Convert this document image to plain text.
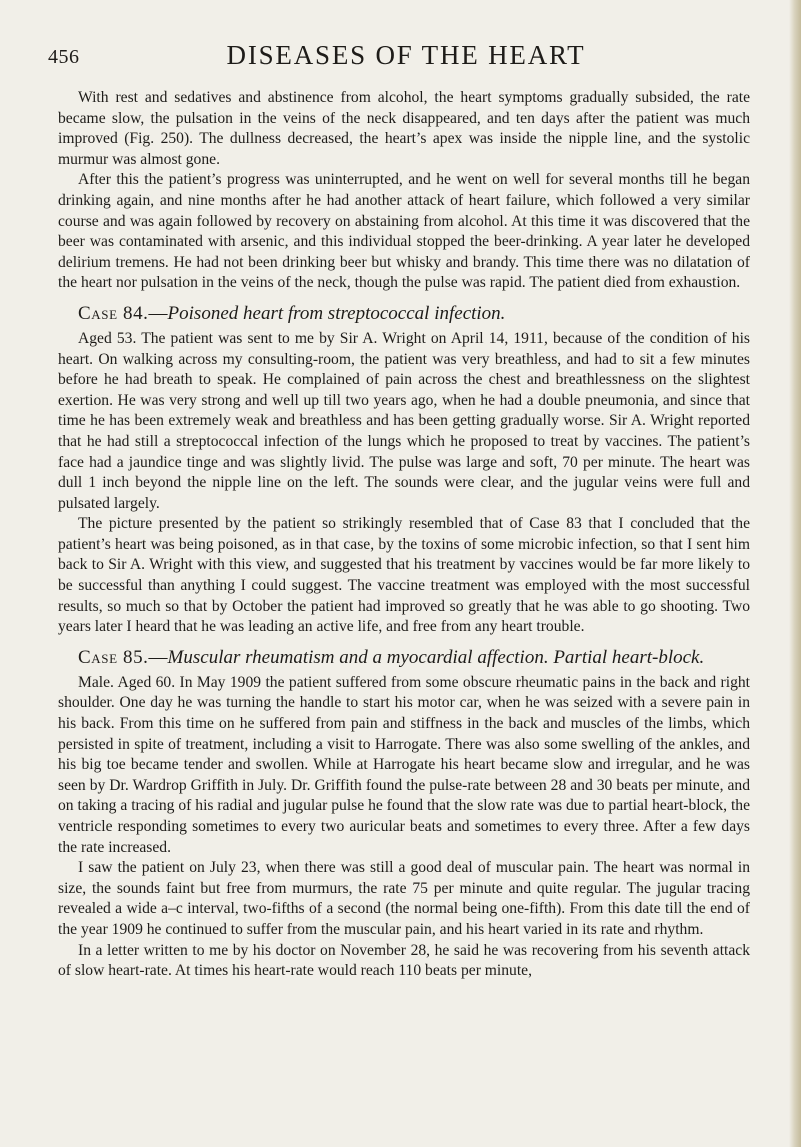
456	DISEASES OF THE HEART

With rest and sedatives and abstinence from alcohol, the heart symptoms gradually subsided, the rate became slow, the pulsation in the veins of the neck disappeared, and ten days after the patient was much improved (Fig. 250). The dullness decreased, the heart’s apex was inside the nipple line, and the systolic murmur was almost gone.

After this the patient’s progress was uninterrupted, and he went on well for several months till he began drinking again, and nine months after he had another attack of heart failure, which followed a very similar course and was again followed by recovery on abstaining from alcohol. At this time it was discovered that the beer was contaminated with arsenic, and this individual stopped the beer-drinking. A year later he developed delirium tremens. He had not been drinking beer but whisky and brandy. This time there was no dilatation of the heart nor pulsation in the veins of the neck, though the pulse was rapid. The patient died from exhaustion.

Case 84.—Poisoned heart from streptococcal infection.

Aged 53. The patient was sent to me by Sir A. Wright on April 14, 1911, because of the condition of his heart. On walking across my consulting-room, the patient was very breathless, and had to sit a few minutes before he had breath to speak. He complained of pain across the chest and breathlessness on the slightest exertion. He was very strong and well up till two years ago, when he had a double pneumonia, and since that time he has been extremely weak and breathless and has been getting gradually worse. Sir A. Wright reported that he had still a streptococcal infection of the lungs which he proposed to treat by vaccines. The patient’s face had a jaundice tinge and was slightly livid. The pulse was large and soft, 70 per minute. The heart was dull 1 inch beyond the nipple line on the left. The sounds were clear, and the jugular veins were full and pulsated largely.

The picture presented by the patient so strikingly resembled that of Case 83 that I concluded that the patient’s heart was being poisoned, as in that case, by the toxins of some microbic infection, so that I sent him back to Sir A. Wright with this view, and suggested that his treatment by vaccines would be far more likely to be successful than anything I could suggest. The vaccine treatment was employed with the most successful results, so much so that by October the patient had improved so greatly that he was able to go shooting. Two years later I heard that he was leading an active life, and free from any heart trouble.

Case 85.—Muscular rheumatism and a myocardial affection. Partial heart-block.

Male. Aged 60. In May 1909 the patient suffered from some obscure rheumatic pains in the back and right shoulder. One day he was turning the handle to start his motor car, when he was seized with a severe pain in his back. From this time on he suffered from pain and stiffness in the back and muscles of the limbs, which persisted in spite of treatment, including a visit to Harrogate. There was also some swelling of the ankles, and his big toe became tender and swollen. While at Harrogate his heart became slow and irregular, and he was seen by Dr. Wardrop Griffith in July. Dr. Griffith found the pulse-rate between 28 and 30 beats per minute, and on taking a tracing of his radial and jugular pulse he found that the slow rate was due to partial heart-block, the ventricle responding sometimes to every two auricular beats and sometimes to every three. After a few days the rate increased.

I saw the patient on July 23, when there was still a good deal of muscular pain. The heart was normal in size, the sounds faint but free from murmurs, the rate 75 per minute and quite regular. The jugular tracing revealed a wide a–c interval, two-fifths of a second (the normal being one-fifth). From this date till the end of the year 1909 he continued to suffer from the muscular pain, and his heart varied in its rate and rhythm.

In a letter written to me by his doctor on November 28, he said he was recovering from his seventh attack of slow heart-rate. At times his heart-rate would reach 110 beats per minute,
